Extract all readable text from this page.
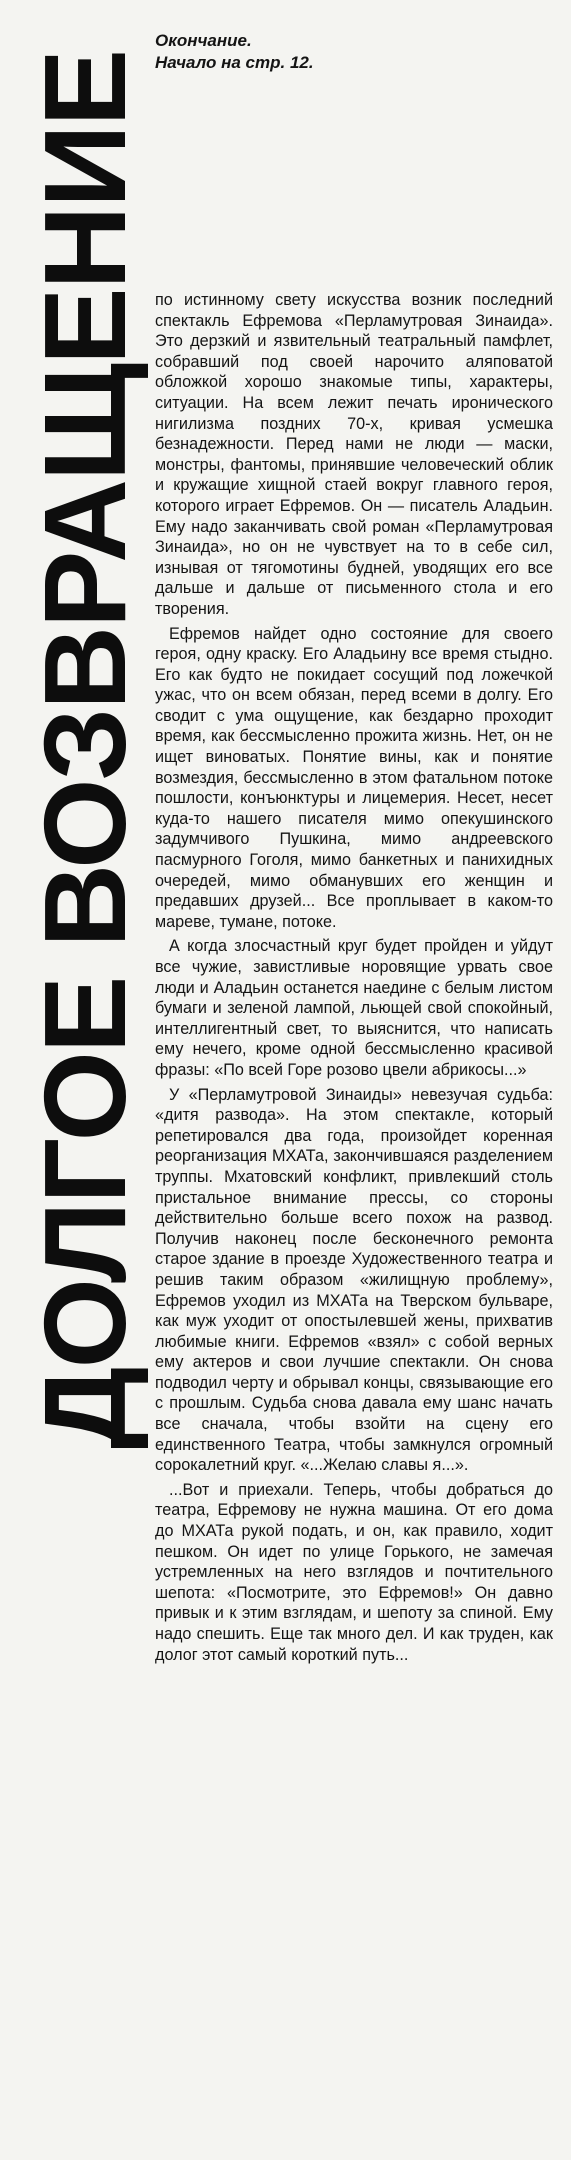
ДОЛГОЕ ВОЗВРАЩЕНИЕ
Окончание.
Начало на стр. 12.

по истинному свету искусства возник последний спектакль Ефремова «Перламутровая Зинаида». Это дерзкий и язвительный театральный памфлет, собравший под своей нарочито аляповатой обложкой хорошо знакомые типы, характеры, ситуации. На всем лежит печать иронического нигилизма поздних 70-х, кривая усмешка безнадежности. Перед нами не люди — маски, монстры, фантомы, принявшие человеческий облик и кружащие хищной стаей вокруг главного героя, которого играет Ефремов. Он — писатель Аладьин. Ему надо заканчивать свой роман «Перламутровая Зинаида», но он не чувствует на то в себе сил, изнывая от тягомотины будней, уводящих его все дальше и дальше от письменного стола и его творения.

Ефремов найдет одно состояние для своего героя, одну краску. Его Аладьину все время стыдно. Его как будто не покидает сосущий под ложечкой ужас, что он всем обязан, перед всеми в долгу. Его сводит с ума ощущение, как бездарно проходит время, как бессмысленно прожита жизнь. Нет, он не ищет виноватых. Понятие вины, как и понятие возмездия, бессмысленно в этом фатальном потоке пошлости, конъюнктуры и лицемерия. Несет, несет куда-то нашего писателя мимо опекушинского задумчивого Пушкина, мимо андреевского пасмурного Гоголя, мимо банкетных и панихидных очередей, мимо обманувших его женщин и предавших друзей... Все проплывает в каком-то мареве, тумане, потоке.

А когда злосчастный круг будет пройден и уйдут все чужие, завистливые норовящие урвать свое люди и Аладьин останется наедине с белым листом бумаги и зеленой лампой, льющей свой спокойный, интеллигентный свет, то выяснится, что написать ему нечего, кроме одной бессмысленно красивой фразы: «По всей Горе розово цвели абрикосы...»

У «Перламутровой Зинаиды» невезучая судьба: «дитя развода». На этом спектакле, который репетировался два года, произойдет коренная реорганизация МХАТа, закончившаяся разделением труппы. Мхатовский конфликт, привлекший столь пристальное внимание прессы, со стороны действительно больше всего похож на развод. Получив наконец после бесконечного ремонта старое здание в проезде Художественного театра и решив таким образом «жилищную проблему», Ефремов уходил из МХАТа на Тверском бульваре, как муж уходит от опостылевшей жены, прихватив любимые книги. Ефремов «взял» с собой верных ему актеров и свои лучшие спектакли. Он снова подводил черту и обрывал концы, связывающие его с прошлым. Судьба снова давала ему шанс начать все сначала, чтобы взойти на сцену его единственного Театра, чтобы замкнулся огромный сорокалетний круг. «...Желаю славы я...».

...Вот и приехали. Теперь, чтобы добраться до театра, Ефремову не нужна машина. От его дома до МХАТа рукой подать, и он, как правило, ходит пешком. Он идет по улице Горького, не замечая устремленных на него взглядов и почтительного шепота: «Посмотрите, это Ефремов!» Он давно привык и к этим взглядам, и шепоту за спиной. Ему надо спешить. Еще так много дел. И как труден, как долог этот самый короткий путь...
